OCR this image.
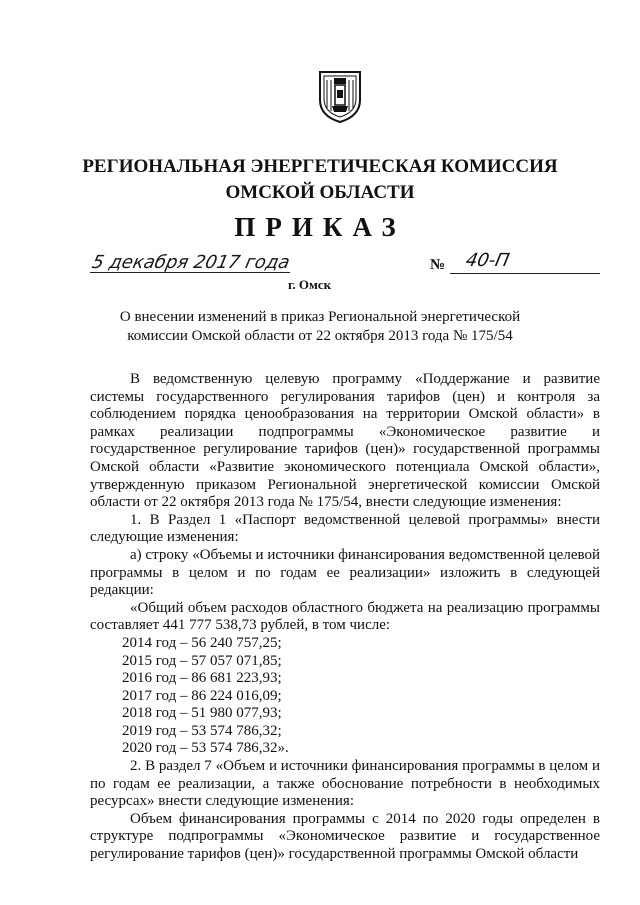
РЕГИОНАЛЬНАЯ ЭНЕРГЕТИЧЕСКАЯ КОМИССИЯ
ОМСКОЙ ОБЛАСТИ
ПРИКАЗ
5 декабря 2017 года
г. Омск
№ 40-П
О внесении изменений в приказ Региональной энергетической
комиссии Омской области от 22 октября 2013 года № 175/54

В ведомственную целевую программу «Поддержание и развитие системы государственного регулирования тарифов (цен) и контроля за соблюдением порядка ценообразования на территории Омской области» в рамках реализации подпрограммы «Экономическое развитие и государственное регулирование тарифов (цен)» государственной программы Омской области «Развитие экономического потенциала Омской области», утвержденную приказом Региональной энергетической комиссии Омской области от 22 октября 2013 года № 175/54, внести следующие изменения:

1. В Раздел 1 «Паспорт ведомственной целевой программы» внести следующие изменения:

а) строку «Объемы и источники финансирования ведомственной целевой программы в целом и по годам ее реализации» изложить в следующей редакции:

«Общий объем расходов областного бюджета на реализацию программы составляет 441 777 538,73 рублей, в том числе:

2014 год – 56 240 757,25;

2015 год – 57 057 071,85;

2016 год – 86 681 223,93;

2017 год – 86 224 016,09;

2018 год – 51 980 077,93;

2019 год – 53 574 786,32;

2020 год – 53 574 786,32».

2. В раздел 7 «Объем и источники финансирования программы в целом и по годам ее реализации, а также обоснование потребности в необходимых ресурсах» внести следующие изменения:

Объем финансирования программы с 2014 по 2020 годы определен в структуре подпрограммы «Экономическое развитие и государственное регулирование тарифов (цен)» государственной программы Омской области
